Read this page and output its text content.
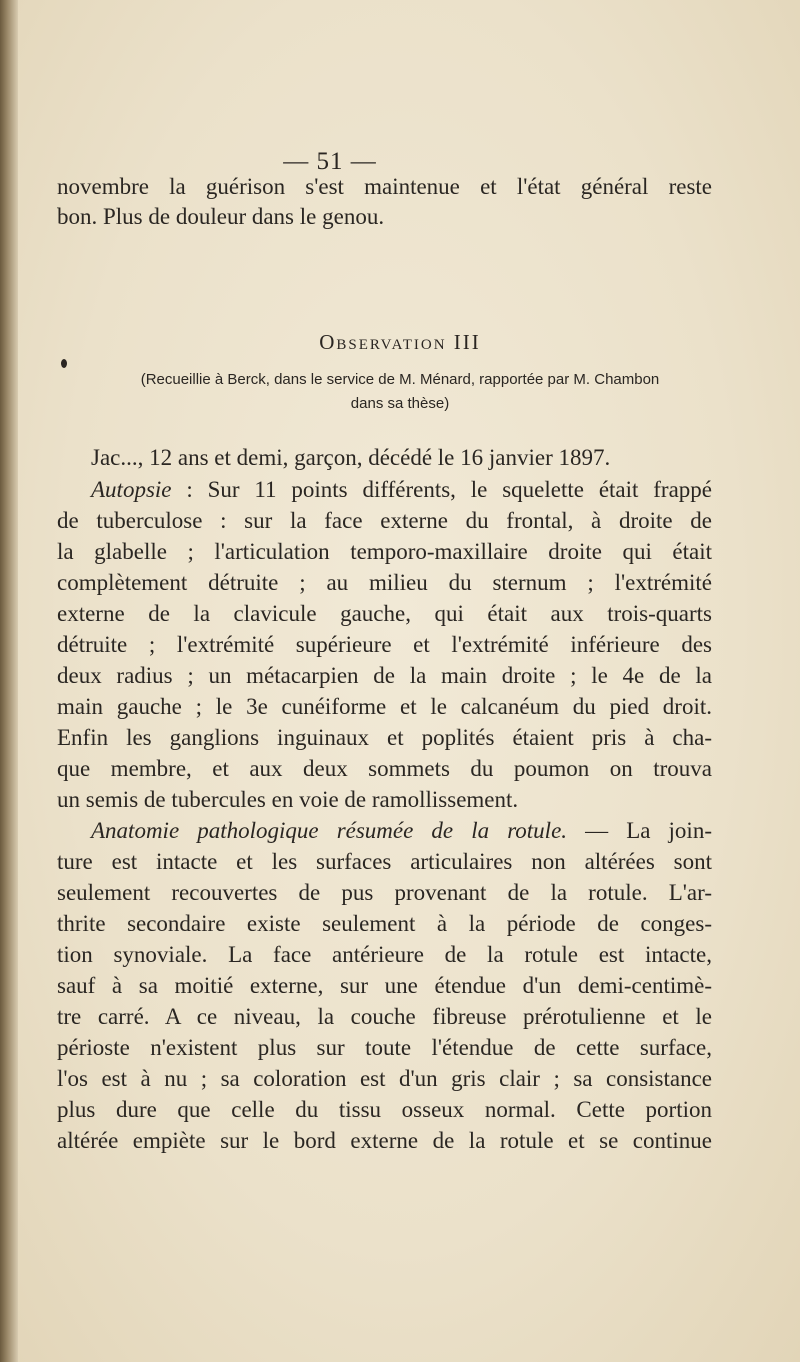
— 51 —
novembre la guérison s'est maintenue et l'état général reste
bon. Plus de douleur dans le genou.
Observation III
(Recueillie à Berck, dans le service de M. Ménard, rapportée par M. Chambon
dans sa thèse)
Jac..., 12 ans et demi, garçon, décédé le 16 janvier 1897.
Autopsie : Sur 11 points différents, le squelette était frappé
de tuberculose : sur la face externe du frontal, à droite de
la glabelle ; l'articulation temporo-maxillaire droite qui était
complètement détruite ; au milieu du sternum ; l'extrémité
externe de la clavicule gauche, qui était aux trois-quarts
détruite ; l'extrémité supérieure et l'extrémité inférieure des
deux radius ; un métacarpien de la main droite ; le 4e de la
main gauche ; le 3e cunéiforme et le calcanéum du pied droit.
Enfin les ganglions inguinaux et poplités étaient pris à cha-
que membre, et aux deux sommets du poumon on trouva
un semis de tubercules en voie de ramollissement.
Anatomie pathologique résumée de la rotule. — La join-
ture est intacte et les surfaces articulaires non altérées sont
seulement recouvertes de pus provenant de la rotule. L'ar-
thrite secondaire existe seulement à la période de conges-
tion synoviale. La face antérieure de la rotule est intacte,
sauf à sa moitié externe, sur une étendue d'un demi-centimè-
tre carré. A ce niveau, la couche fibreuse prérotulienne et le
périoste n'existent plus sur toute l'étendue de cette surface,
l'os est à nu ; sa coloration est d'un gris clair ; sa consistance
plus dure que celle du tissu osseux normal. Cette portion
altérée empiète sur le bord externe de la rotule et se continue
